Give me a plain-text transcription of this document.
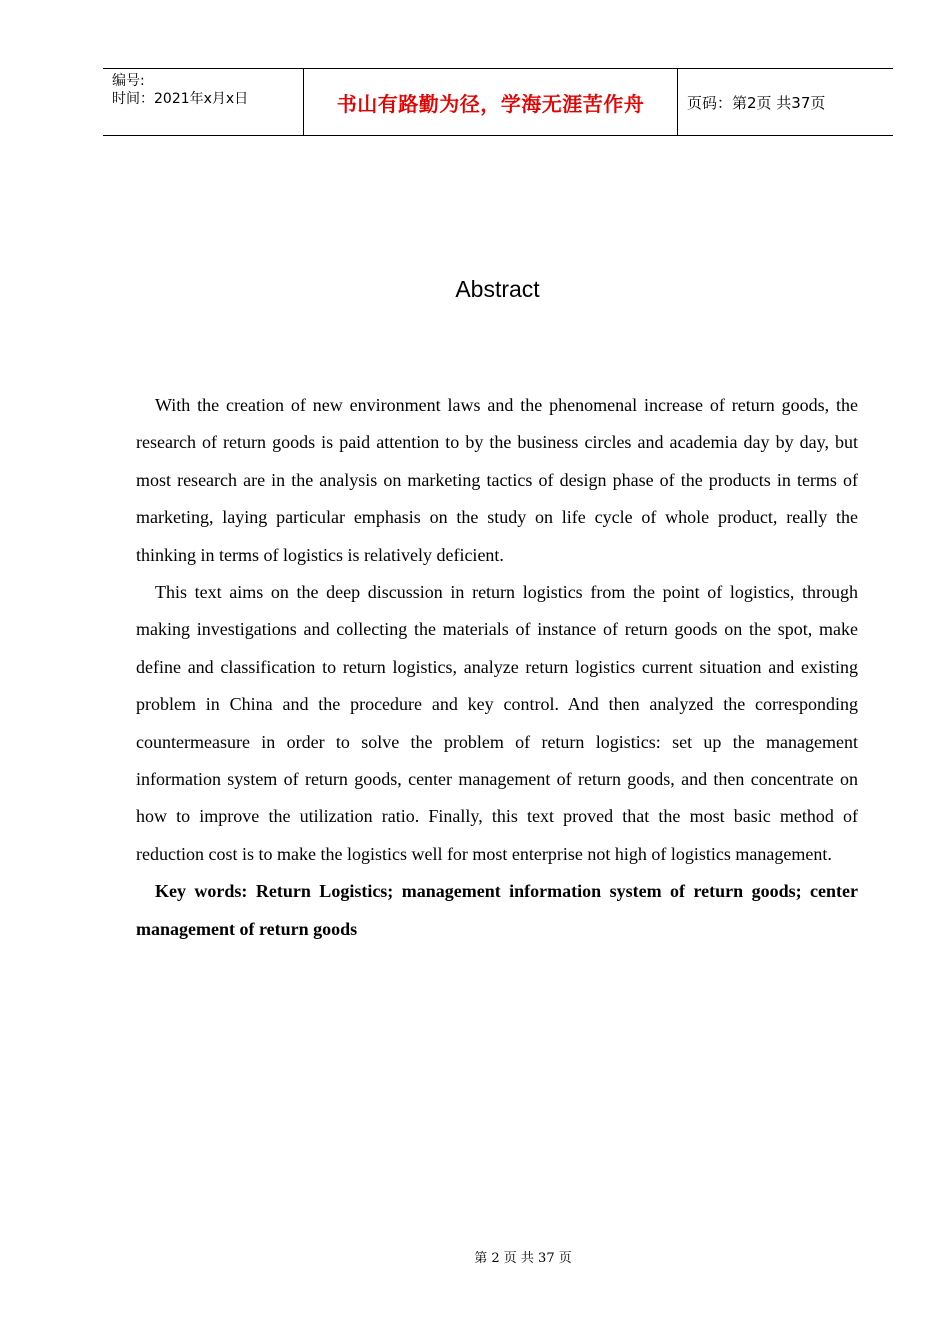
编号:
时间：2021年x月x日	书山有路勤为径，学海无涯苦作舟	页码：第2页 共37页
Abstract

With the creation of new environment laws and the phenomenal increase of return goods, the research of return goods is paid attention to by the business circles and academia day by day, but most research are in the analysis on marketing tactics of design phase of the products in terms of marketing, laying particular emphasis on the study on life cycle of whole product, really the thinking in terms of logistics is relatively deficient.

This text aims on the deep discussion in return logistics from the point of logistics, through making investigations and collecting the materials of instance of return goods on the spot, make define and classification to return logistics, analyze return logistics current situation and existing problem in China and the procedure and key control. And then analyzed the corresponding countermeasure in order to solve the problem of return logistics: set up the management information system of return goods, center management of return goods, and then concentrate on how to improve the utilization ratio. Finally, this text proved that the most basic method of reduction cost is to make the logistics well for most enterprise not high of logistics management.

Key words: Return Logistics; management information system of return goods; center management of return goods

第 2 页 共 37 页
